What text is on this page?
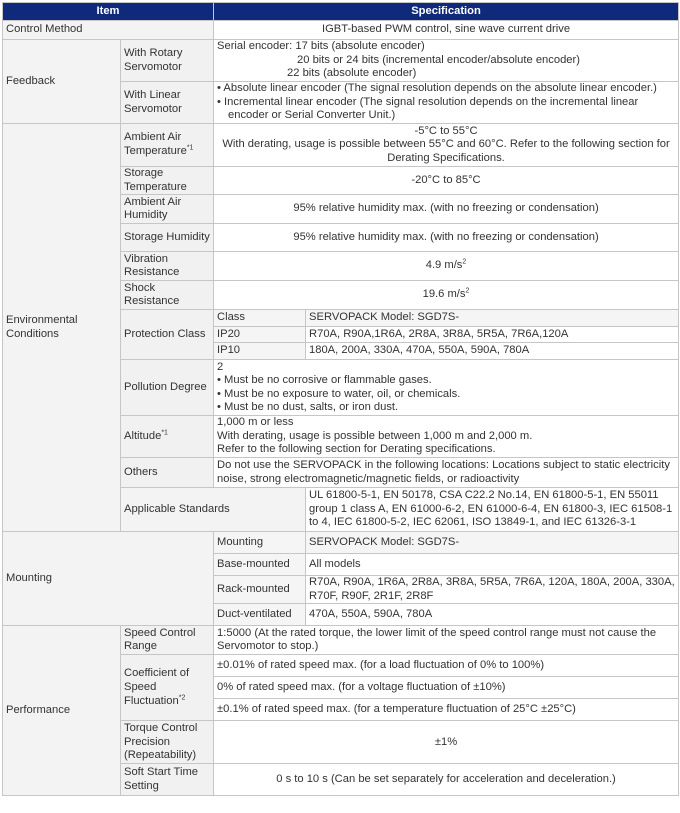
Item		Specification	
Control Method		IGBT-based PWM control, sine wave current drive	
Feedback	With Rotary Servomotor	Serial encoder: 17 bits (absolute encoder)
20 bits or 24 bits (incremental encoder/absolute encoder)
22 bits (absolute encoder)	

	With Linear Servomotor	• Absolute linear encoder (The signal resolution depends on the absolute linear encoder.)
• Incremental linear encoder (The signal resolution depends on the incremental linear encoder or Serial Converter Unit.)	

Environmental Conditions	Ambient Air Temperature$^{*1}$	-5°C to 55°C
With derating, usage is possible between 55°C and 60°C. Refer to the following section for Derating Specifications.	

	Storage Temperature	-20°C to 85°C	
	Ambient Air Humidity	95% relative humidity max. (with no freezing or condensation)	
	Storage Humidity	95% relative humidity max. (with no freezing or condensation)	
	Vibration Resistance	4.9 $m/s^2$
	Shock Resistance	19.6 $m/s^2$
	Protection Class	Class	SERVOPACK Model: SGD7S-
		IP20	R70A, R90A,1R6A, 2R8A, 3R8A, 5R5A, 7R6A,120A
		IP10	180A, 200A, 330A, 470A, 550A, 590A, 780A
	Pollution Degree	2
• Must be no corrosive or flammable gases.
• Must be no exposure to water, oil, or chemicals.
• Must be no dust, salts, or iron dust.	

	Altitude$^{*1}$	1,000 m or less
With derating, usage is possible between 1,000 m and 2,000 m.
Refer to the following section for Derating specifications.	

	Others	Do not use the SERVOPACK in the following locations: Locations subject to static electricity noise, strong electromagnetic/magnetic fields, or radioactivity	
	Applicable Standards		UL 61800-5-1, EN 50178, CSA C22.2 No.14, EN 61800-5-1, EN 55011 group 1 class A, EN 61000-6-2, EN 61000-6-4, EN 61800-3, IEC 61508-1 to 4, IEC 61800-5-2, IEC 62061, ISO 13849-1, and IEC 61326-3-1
Mounting		Mounting	SERVOPACK Model: SGD7S-
		Base-mounted	All models
		Rack-mounted	R70A, R90A, 1R6A, 2R8A, 3R8A, 5R5A, 7R6A, 120A, 180A, 200A, 330A, R70F, R90F, 2R1F, 2R8F
		Duct-ventilated	470A, 550A, 590A, 780A
Performance	Speed Control Range	1:5000 (At the rated torque, the lower limit of the speed control range must not cause the Servomotor to stop.)	
	Coefficient of Speed Fluctuation$^{*2}$	±0.01% of rated speed max. (for a load fluctuation of 0% to 100%)	
		0% of rated speed max. (for a voltage fluctuation of ±10%)	
		±0.1% of rated speed max. (for a temperature fluctuation of 25°C ±25°C)	
	Torque Control Precision (Repeatability)	±1%	
	Soft Start Time Setting	0 s to 10 s (Can be set separately for acceleration and deceleration.)	
